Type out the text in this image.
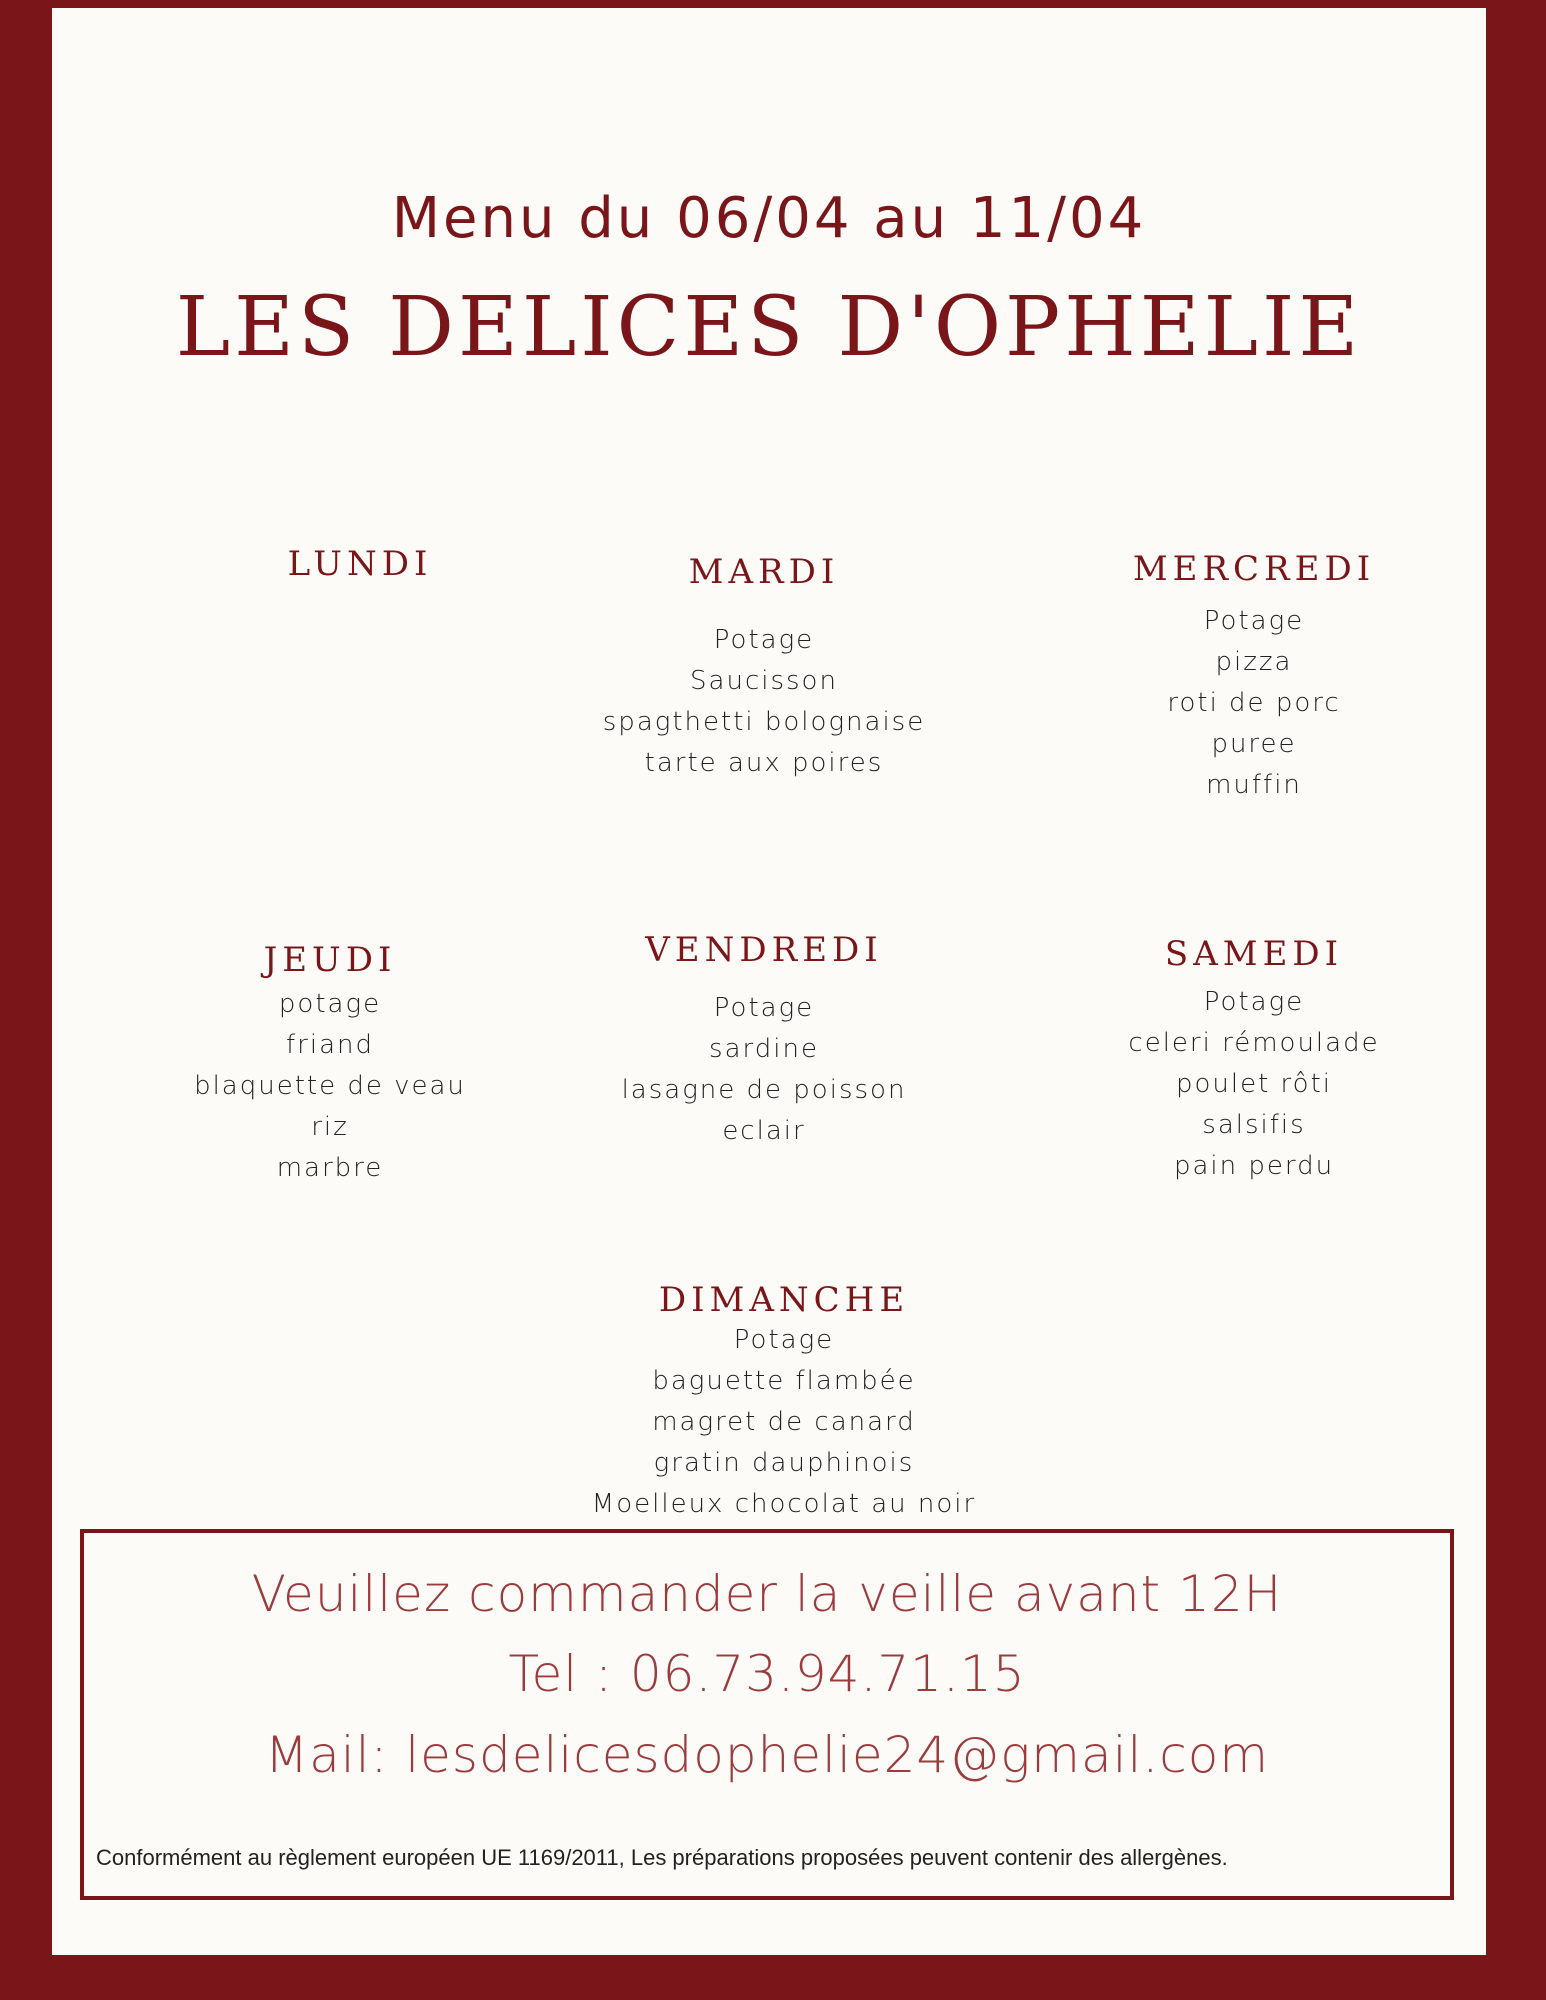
Menu du 06/04 au 11/04
LES DELICES D'OPHELIE
LUNDI	MARDI
Potage
Saucisson
spagthetti bolognaise
tarte aux poires
MERCREDI
Potage
pizza
roti de porc
puree
muffin
JEUDI
potage
friand
blaquette de veau
riz
marbre
VENDREDI
Potage
sardine
lasagne de poisson
eclair
SAMEDI
Potage
celeri rémoulade
poulet rôti
salsifis
pain perdu
DIMANCHE
Potage
baguette flambée
magret de canard
gratin dauphinois
Moelleux chocolat au noir
Veuillez commander la veille avant 12H
Tel : 06.73.94.71.15
Mail: lesdelicesdophelie24@gmail.com
Conformément au règlement européen UE 1169/2011, Les préparations proposées peuvent contenir des allergènes.
